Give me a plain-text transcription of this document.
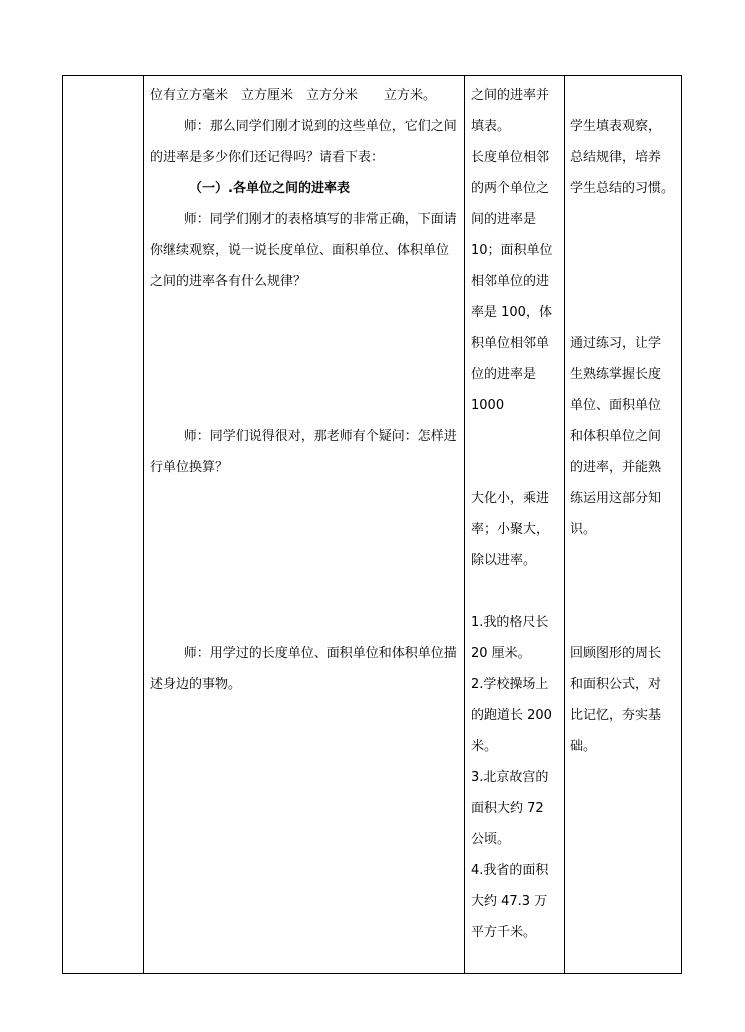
位有立方毫米　立方厘米　立方分米　　立方米。

师：那么同学们刚才说到的这些单位，它们之间的进率是多少你们还记得吗？请看下表：

（一）.各单位之间的进率表

师：同学们刚才的表格填写的非常正确，下面请你继续观察，说一说长度单位、面积单位、体积单位之间的进率各有什么规律？

师：同学们说得很对，那老师有个疑问：怎样进行单位换算？

师：用学过的长度单位、面积单位和体积单位描述身边的事物。

之间的进率并

填表。

长度单位相邻

的两个单位之

间的进率是

10；面积单位

相邻单位的进

率是 100，体

积单位相邻单

位的进率是

1000

大化小，乘进

率；小聚大，

除以进率。

1.我的格尺长

20 厘米。

2.学校操场上

的跑道长 200

米。

3.北京故宫的

面积大约 72

公顷。

4.我省的面积

大约 47.3 万

平方千米。

学生填表观察，

总结规律，培养

学生总结的习惯。

通过练习，让学

生熟练掌握长度

单位、面积单位

和体积单位之间

的进率，并能熟

练运用这部分知

识。

回顾图形的周长

和面积公式，对

比记忆，夯实基

础。
